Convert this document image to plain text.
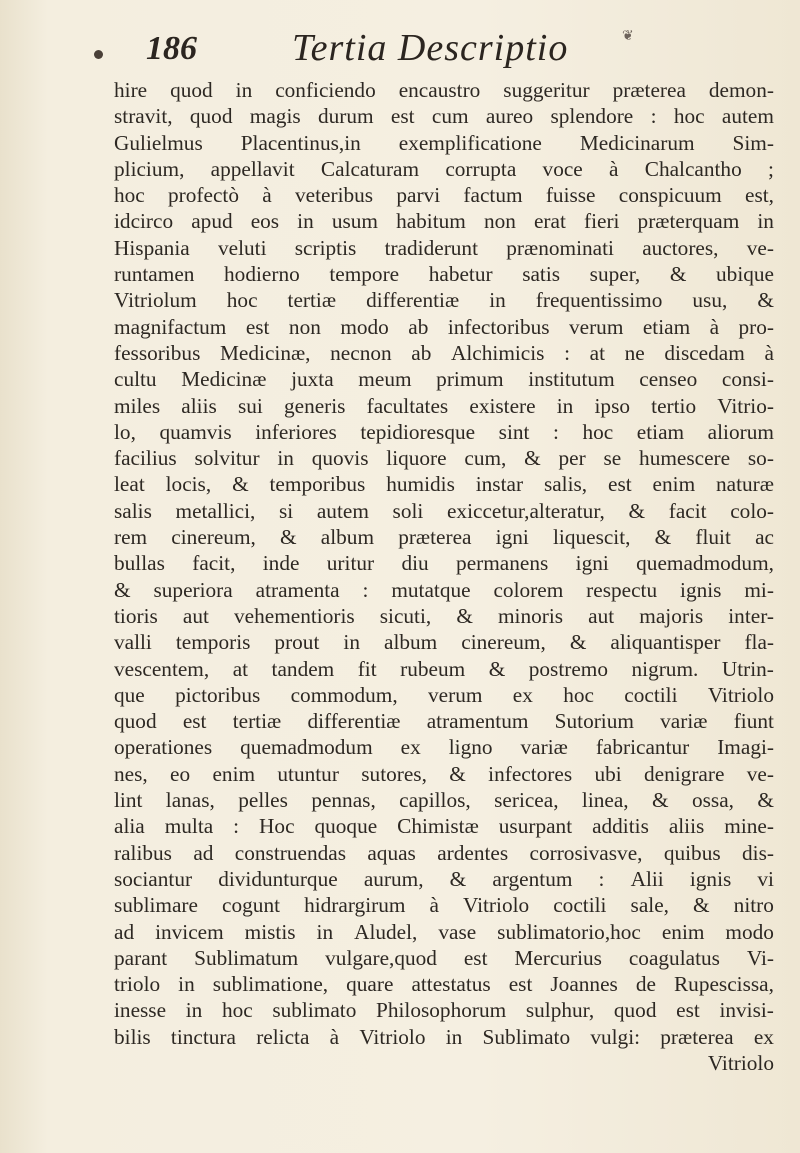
❦
186	Tertia Descriptio
hire quod in conficiendo encaustro suggeritur præterea demon-
stravit, quod magis durum est cum aureo splendore : hoc autem
Gulielmus Placentinus,in exemplificatione Medicinarum Sim-
plicium, appellavit Calcaturam corrupta voce à Chalcantho ;
hoc profectò à veteribus parvi factum fuisse conspicuum est,
idcirco apud eos in usum habitum non erat fieri præterquam in
Hispania veluti scriptis tradiderunt prænominati auctores, ve-
runtamen hodierno tempore habetur satis super, & ubique
Vitriolum hoc tertiæ differentiæ in frequentissimo usu, &
magnifactum est non modo ab infectoribus verum etiam à pro-
fessoribus Medicinæ, necnon ab Alchimicis : at ne discedam à
cultu Medicinæ juxta meum primum institutum censeo consi-
miles aliis sui generis facultates existere in ipso tertio Vitrio-
lo, quamvis inferiores tepidioresque sint : hoc etiam aliorum
facilius solvitur in quovis liquore cum, & per se humescere so-
leat locis, & temporibus humidis instar salis, est enim naturæ
salis metallici, si autem soli exiccetur,alteratur, & facit colo-
rem cinereum, & album præterea igni liquescit, & fluit ac
bullas facit, inde uritur diu permanens igni quemadmodum,
& superiora atramenta : mutatque colorem respectu ignis mi-
tioris aut vehementioris sicuti, & minoris aut majoris inter-
valli temporis prout in album cinereum, & aliquantisper fla-
vescentem, at tandem fit rubeum & postremo nigrum. Utrin-
que pictoribus commodum, verum ex hoc coctili Vitriolo
quod est tertiæ differentiæ atramentum Sutorium variæ fiunt
operationes quemadmodum ex ligno variæ fabricantur Imagi-
nes, eo enim utuntur sutores, & infectores ubi denigrare ve-
lint lanas, pelles pennas, capillos, sericea, linea, & ossa, &
alia multa : Hoc quoque Chimistæ usurpant additis aliis mine-
ralibus ad construendas aquas ardentes corrosivasve, quibus dis-
sociantur dividunturque aurum, & argentum : Alii ignis vi
sublimare cogunt hidrargirum à Vitriolo coctili sale, & nitro
ad invicem mistis in Aludel, vase sublimatorio,hoc enim modo
parant Sublimatum vulgare,quod est Mercurius coagulatus Vi-
triolo in sublimatione, quare attestatus est Joannes de Rupescissa,
inesse in hoc sublimato Philosophorum sulphur, quod est invisi-
bilis tinctura relicta à Vitriolo in Sublimato vulgi: præterea ex
Vitriolo
